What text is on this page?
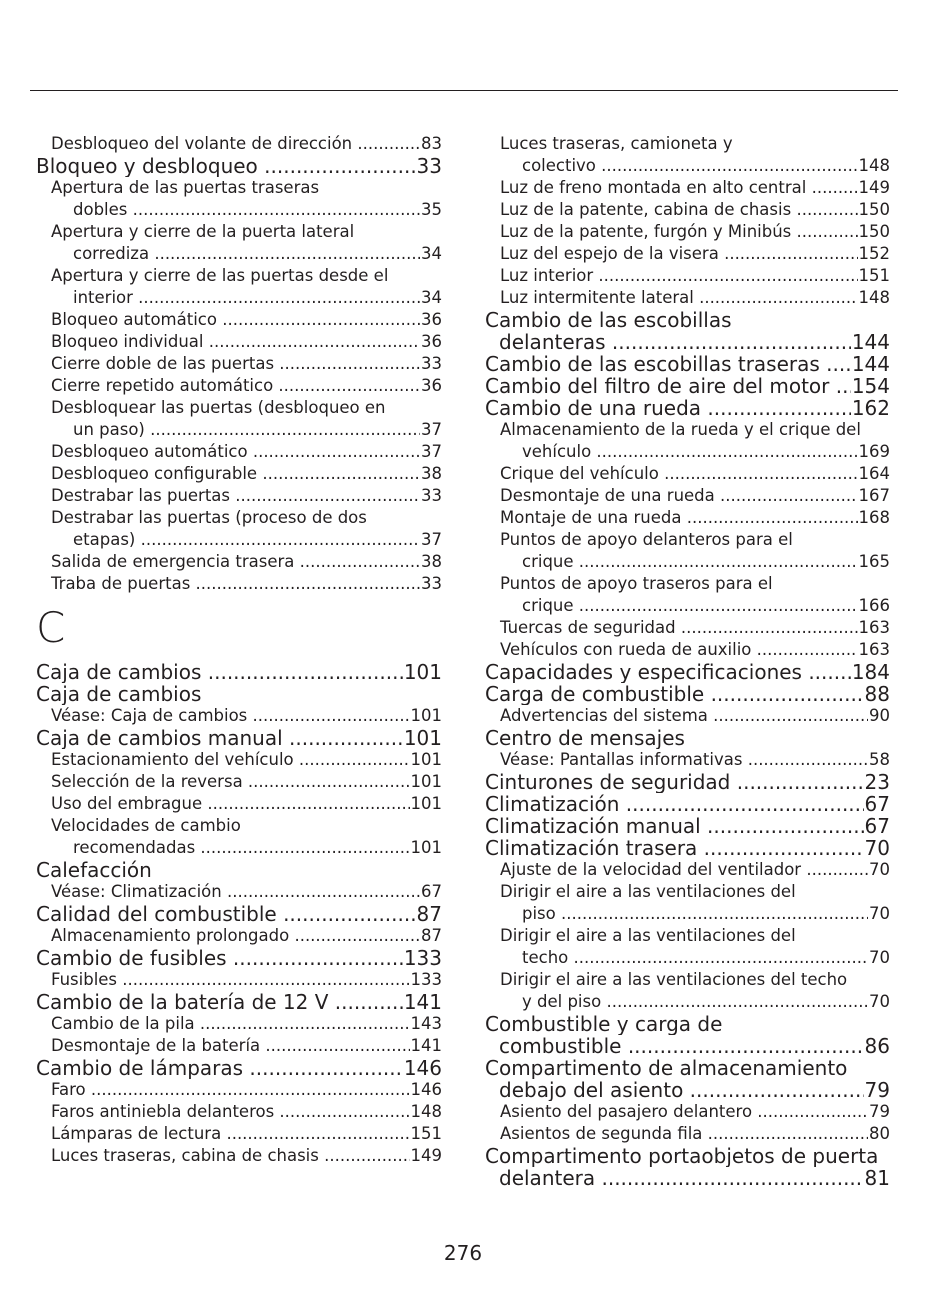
Desbloqueo del volante de dirección .....	83
Bloqueo y desbloqueo .....	33
Apertura de las puertas traseras
dobles .....	35
Apertura y cierre de la puerta lateral
corrediza .....	34
Apertura y cierre de las puertas desde el
interior .....	34
Bloqueo automático .....	36
Bloqueo individual .....	36
Cierre doble de las puertas .....	33
Cierre repetido automático .....	36
Desbloquear las puertas (desbloqueo en
un paso) .....	37
Desbloqueo automático .....	37
Desbloqueo configurable .....	38
Destrabar las puertas .....	33
Destrabar las puertas (proceso de dos
etapas) .....	37
Salida de emergencia trasera .....	38
Traba de puertas .....	33
C
Caja de cambios .....	101
Caja de cambios
Véase: Caja de cambios .....	101
Caja de cambios manual .....	101
Estacionamiento del vehículo .....	101
Selección de la reversa .....	101
Uso del embrague .....	101
Velocidades de cambio
recomendadas .....	101
Calefacción
Véase: Climatización .....	67
Calidad del combustible .....	87
Almacenamiento prolongado .....	87
Cambio de fusibles .....	133
Fusibles .....	133
Cambio de la batería de 12 V .....	141
Cambio de la pila .....	143
Desmontaje de la batería .....	141
Cambio de lámparas .....	146
Faro .....	146
Faros antiniebla delanteros .....	148
Lámparas de lectura .....	151
Luces traseras, cabina de chasis .....	149
Luces traseras, camioneta y
colectivo .....	148
Luz de freno montada en alto central .....	149
Luz de la patente, cabina de chasis .....	150
Luz de la patente, furgón y Minibús .....	150
Luz del espejo de la visera .....	152
Luz interior .....	151
Luz intermitente lateral .....	148
Cambio de las escobillas
delanteras .....	144
Cambio de las escobillas traseras ..... 144
Cambio del filtro de aire del motor ..... 154
Cambio de una rueda .....	162
Almacenamiento de la rueda y el crique del
vehículo .....	169
Crique del vehículo .....	164
Desmontaje de una rueda .....	167
Montaje de una rueda .....	168
Puntos de apoyo delanteros para el
crique .....	165
Puntos de apoyo traseros para el
crique .....	166
Tuercas de seguridad .....	163
Vehículos con rueda de auxilio .....	163
Capacidades y especificaciones ..... 184
Carga de combustible .....	88
Advertencias del sistema .....	90
Centro de mensajes
Véase: Pantallas informativas .....	58
Cinturones de seguridad .....	23
Climatización .....	67
Climatización manual .....	67
Climatización trasera .....	70
Ajuste de la velocidad del ventilador .....	70
Dirigir el aire a las ventilaciones del
piso .....	70
Dirigir el aire a las ventilaciones del
techo .....	70
Dirigir el aire a las ventilaciones del techo
y del piso .....	70
Combustible y carga de
combustible .....	86
Compartimento de almacenamiento
debajo del asiento .....	79
Asiento del pasajero delantero .....	79
Asientos de segunda fila .....	80
Compartimento portaobjetos de puerta
delantera .....	81
276
